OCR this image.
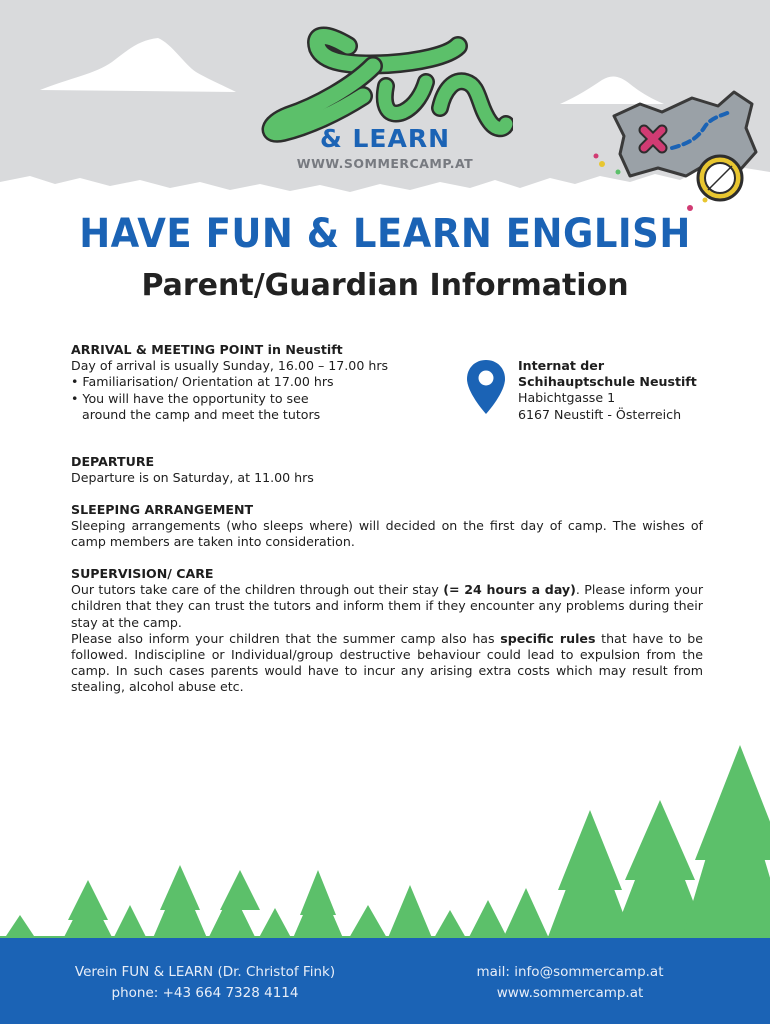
& LEARN
WWW.SOMMERCAMP.AT
HAVE FUN & LEARN ENGLISH
Parent/Guardian Information

ARRIVAL & MEETING POINT in Neustift

Day of arrival is usually Sunday, 16.00 – 17.00 hrs

• Familiarisation/ Orientation at 17.00 hrs

• You will have the opportunity to see

around the camp and meet the tutors

Internat der

Schihauptschule Neustift

Habichtgasse 1

6167 Neustift - Österreich

DEPARTURE

Departure is on Saturday, at 11.00 hrs

SLEEPING ARRANGEMENT

Sleeping arrangements (who sleeps where) will decided on the first day of camp. The wishes of camp members are taken into consideration.

SUPERVISION/ CARE

Our tutors take care of the children through out their stay (= 24 hours a day). Please inform your children that they can trust the tutors and inform them if they encounter any problems during their stay at the camp.

Please also inform your children that the summer camp also has specific rules that have to be followed. Indiscipline or Individual/group destructive behaviour could lead to expulsion from the camp. In such cases parents would have to incur any arising extra costs which may result from stealing, alcohol abuse etc.

Verein FUN & LEARN (Dr. Christof Fink)

phone: +43 664 7328 4114

mail: info@sommercamp.at

www.sommercamp.at
